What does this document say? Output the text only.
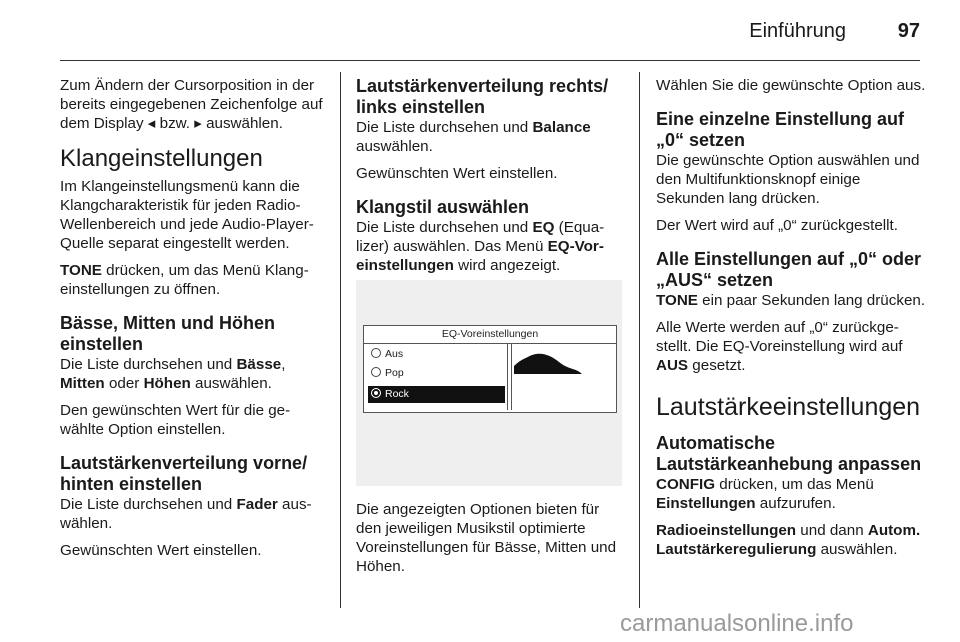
Einführung	97

Zum Ändern der Cursorposition in der bereits eingegebenen Zeichenfolge auf dem Display ◂ bzw. ▸ auswählen.

Klangeinstellungen

Im Klangeinstellungsmenü kann die Klangcharakteristik für jeden Radio-Wellenbereich und jede Audio-Player-Quelle separat eingestellt werden.

TONE drücken, um das Menü Klang-einstellungen zu öffnen.

Bässe, Mitten und Höhen einstellen

Die Liste durchsehen und Bässe, Mitten oder Höhen auswählen.

Den gewünschten Wert für die ge-wählte Option einstellen.

Lautstärkenverteilung vorne/ hinten einstellen

Die Liste durchsehen und Fader aus-wählen.

Gewünschten Wert einstellen.

Lautstärkenverteilung rechts/ links einstellen

Die Liste durchsehen und Balance auswählen.

Gewünschten Wert einstellen.

Klangstil auswählen

Die Liste durchsehen und EQ (Equa-lizer) auswählen. Das Menü EQ-Vor-einstellungen wird angezeigt.

EQ-Voreinstellungen
Aus
Pop
Rock

Die angezeigten Optionen bieten für den jeweiligen Musikstil optimierte Voreinstellungen für Bässe, Mitten und Höhen.

Wählen Sie die gewünschte Option aus.

Eine einzelne Einstellung auf „0“ setzen

Die gewünschte Option auswählen und den Multifunktionsknopf einige Sekunden lang drücken.

Der Wert wird auf „0“ zurückgestellt.

Alle Einstellungen auf „0“ oder „AUS“ setzen

TONE ein paar Sekunden lang drücken.

Alle Werte werden auf „0“ zurückge-stellt. Die EQ-Voreinstellung wird auf AUS gesetzt.

Lautstärkeeinstellungen
Automatische Lautstärkeanhebung anpassen

CONFIG drücken, um das Menü Einstellungen aufzurufen.

Radioeinstellungen und dann Autom. Lautstärkeregulierung auswählen.

carmanualsonline.info
